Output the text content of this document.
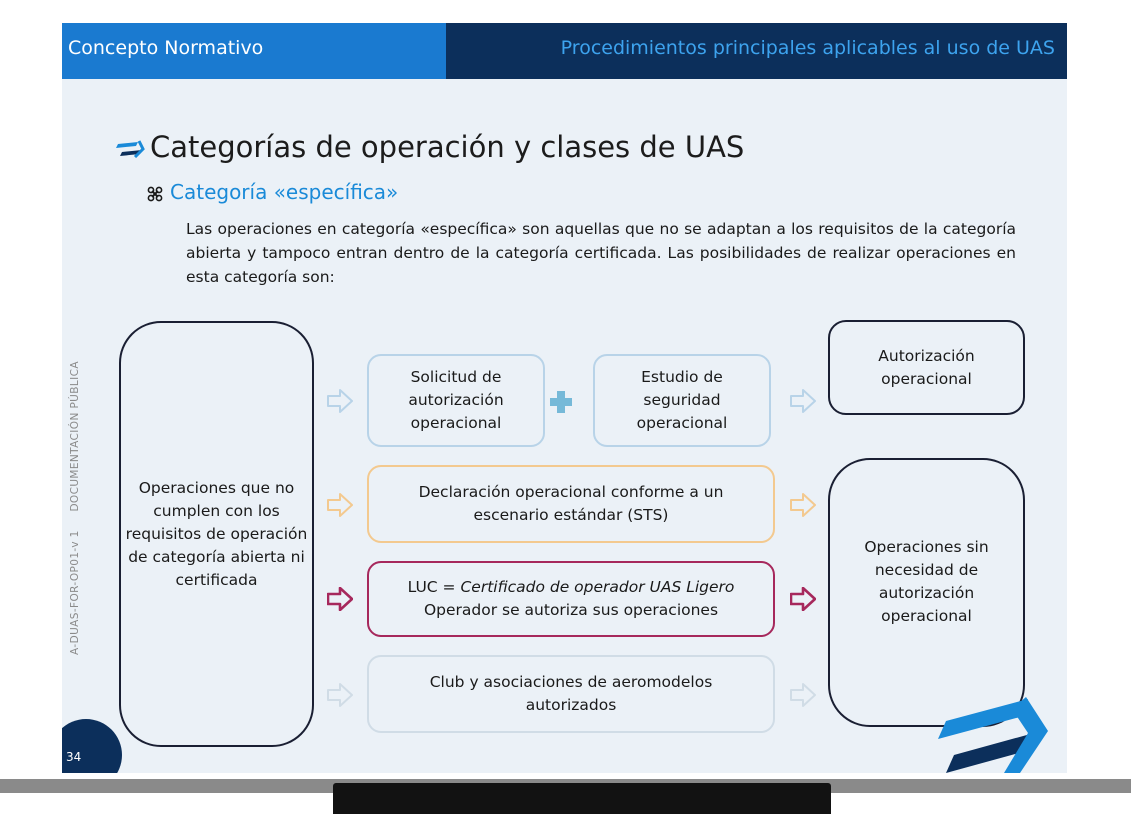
Concepto Normativo	Procedimientos principales aplicables al uso de UAS
Categorías de operación y clases de UAS
Categoría «específica»
Las operaciones en categoría «específica» son aquellas que no se adaptan a los requisitos de la categoría abierta y tampoco entran dentro de la categoría certificada. Las posibilidades de realizar operaciones en esta categoría son:
A-DUAS-FOR-OP01-v 1     DOCUMENTACIÓN PÚBLICA	Operaciones que no cumplen con los requisitos de operación de categoría abierta ni certificada
Solicitud de autorización operacional
Estudio de seguridad operacional
Autorización operacional
Declaración operacional conforme a un escenario estándar (STS)
LUC = Certificado de operador UAS Ligero
Operador se autoriza sus operaciones
Club y asociaciones de aeromodelos autorizados
Operaciones sin necesidad de autorización operacional
34
